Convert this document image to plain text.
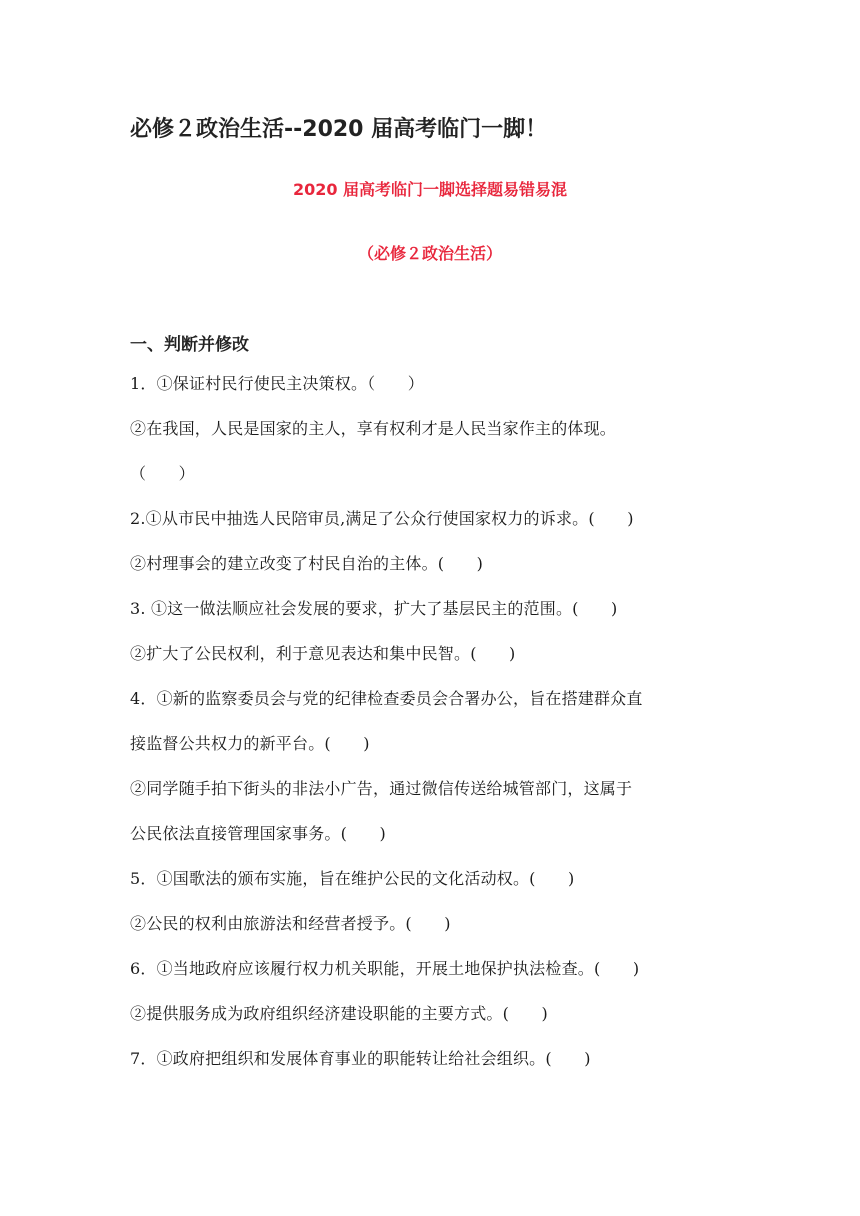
必修２政治生活--2020 届高考临门一脚！
2020 届高考临门一脚选择题易错易混
（必修２政治生活）
一、判断并修改
1．①保证村民行使民主决策权。（　　）
②在我国，人民是国家的主人，享有权利才是人民当家作主的体现。
（　　）
2.①从市民中抽选人民陪审员,满足了公众行使国家权力的诉求。(　　)
②村理事会的建立改变了村民自治的主体。(　　)
3. ①这一做法顺应社会发展的要求，扩大了基层民主的范围。(　　)
②扩大了公民权利，利于意见表达和集中民智。(　　)
4．①新的监察委员会与党的纪律检查委员会合署办公，旨在搭建群众直
接监督公共权力的新平台。(　　)
②同学随手拍下街头的非法小广告，通过微信传送给城管部门，这属于
公民依法直接管理国家事务。(　　)
5．①国歌法的颁布实施，旨在维护公民的文化活动权。(　　)
②公民的权利由旅游法和经营者授予。(　　)
6．①当地政府应该履行权力机关职能，开展土地保护执法检查。(　　)
②提供服务成为政府组织经济建设职能的主要方式。(　　)
7．①政府把组织和发展体育事业的职能转让给社会组织。(　　)
